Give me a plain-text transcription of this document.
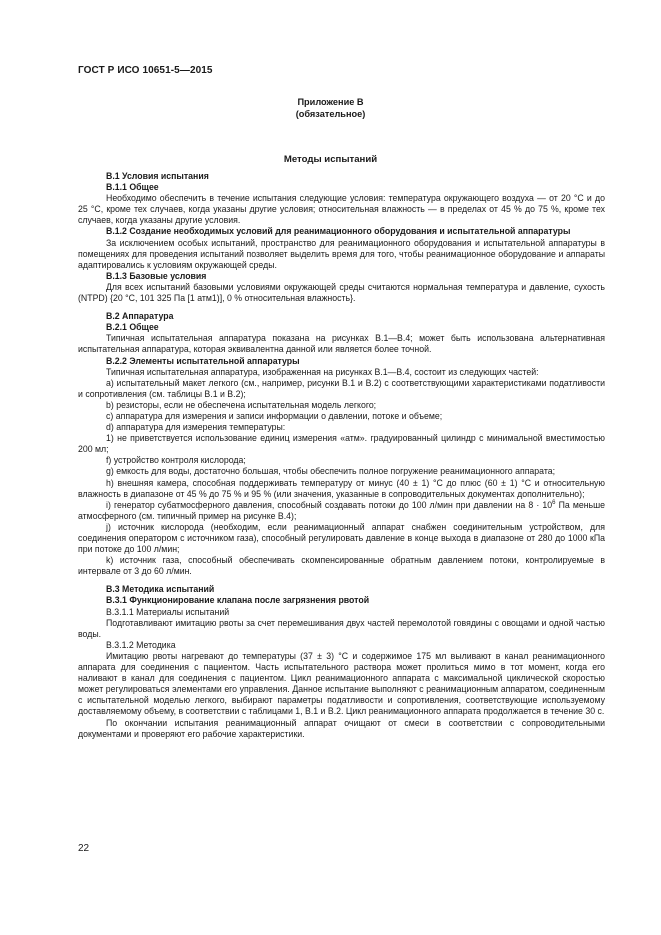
ГОСТ Р ИСО 10651-5—2015
Приложение В
(обязательное)
Методы испытаний
В.1 Условия испытания
В.1.1 Общее
Необходимо обеспечить в течение испытания следующие условия: температура окружающего воздуха — от 20 °С и до 25 °С, кроме тех случаев, когда указаны другие условия; относительная влажность — в пределах от 45 % до 75 %, кроме тех случаев, когда указаны другие условия.
В.1.2 Создание необходимых условий для реанимационного оборудования и испытательной аппаратуры
За исключением особых испытаний, пространство для реанимационного оборудования и испытательной аппаратуры в помещениях для проведения испытаний позволяет выделить время для того, чтобы реанимационное оборудование и аппараты адаптировались к условиям окружающей среды.
В.1.3 Базовые условия
Для всех испытаний базовыми условиями окружающей среды считаются нормальная температура и давление, сухость (NTPD) {20 °С, 101 325 Па [1 атм1)], 0 % относительная влажность}.
В.2 Аппаратура
В.2.1 Общее
Типичная испытательная аппаратура показана на рисунках В.1—В.4; может быть использована альтернативная испытательная аппаратура, которая эквивалентна данной или является более точной.
В.2.2 Элементы испытательной аппаратуры
Типичная испытательная аппаратура, изображенная на рисунках В.1—В.4, состоит из следующих частей:
а) испытательный макет легкого (см., например, рисунки В.1 и В.2) с соответствующими характеристиками податливости и сопротивления (см. таблицы В.1 и В.2);
b) резисторы, если не обеспечена испытательная модель легкого;
с) аппаратура для измерения и записи информации о давлении, потоке и объеме;
d) аппаратура для измерения температуры:
1) не приветствуется использование единиц измерения «атм». градуированный цилиндр с минимальной вместимостью 200 мл;
f) устройство контроля кислорода;
g) емкость для воды, достаточно большая, чтобы обеспечить полное погружение реанимационного аппарата;
h) внешняя камера, способная поддерживать температуру от минус (40 ± 1) °С до плюс (60 ± 1) °С и относительную влажность в диапазоне от 45 % до 75 % и 95 % (или значения, указанные в сопроводительных документах дополнительно);
i) генератор субатмосферного давления, способный создавать потоки до 100 л/мин при давлении на $8 \cdot 10^6$ Па меньше атмосферного (см. типичный пример на рисунке В.4);
j) источник кислорода (необходим, если реанимационный аппарат снабжен соединительным устройством, для соединения оператором с источником газа), способный регулировать давление в конце выхода в диапазоне от 280 до 1000 кПа при потоке до 100 л/мин;
k) источник газа, способный обеспечивать скомпенсированные обратным давлением потоки, контролируемые в интервале от 3 до 60 л/мин.
В.3 Методика испытаний
В.3.1 Функционирование клапана после загрязнения рвотой
В.3.1.1 Материалы испытаний
Подготавливают имитацию рвоты за счет перемешивания двух частей перемолотой говядины с овощами и одной частью воды.
В.3.1.2 Методика
Имитацию рвоты нагревают до температуры (37 ± 3) °С и содержимое 175 мл выливают в канал реанимационного аппарата для соединения с пациентом. Часть испытательного раствора может пролиться мимо в тот момент, когда его наливают в канал для соединения с пациентом. Цикл реанимационного аппарата с максимальной циклической скоростью может регулироваться элементами его управления. Данное испытание выполняют с реанимационным аппаратом, соединенным с испытательной моделью легкого, выбирают параметры податливости и сопротивления, соответствующие используемому доставляемому объему, в соответствии с таблицами 1, В.1 и В.2. Цикл реанимационного аппарата продолжается в течение 30 с.
По окончании испытания реанимационный аппарат очищают от смеси в соответствии с сопроводительными документами и проверяют его рабочие характеристики.
22
